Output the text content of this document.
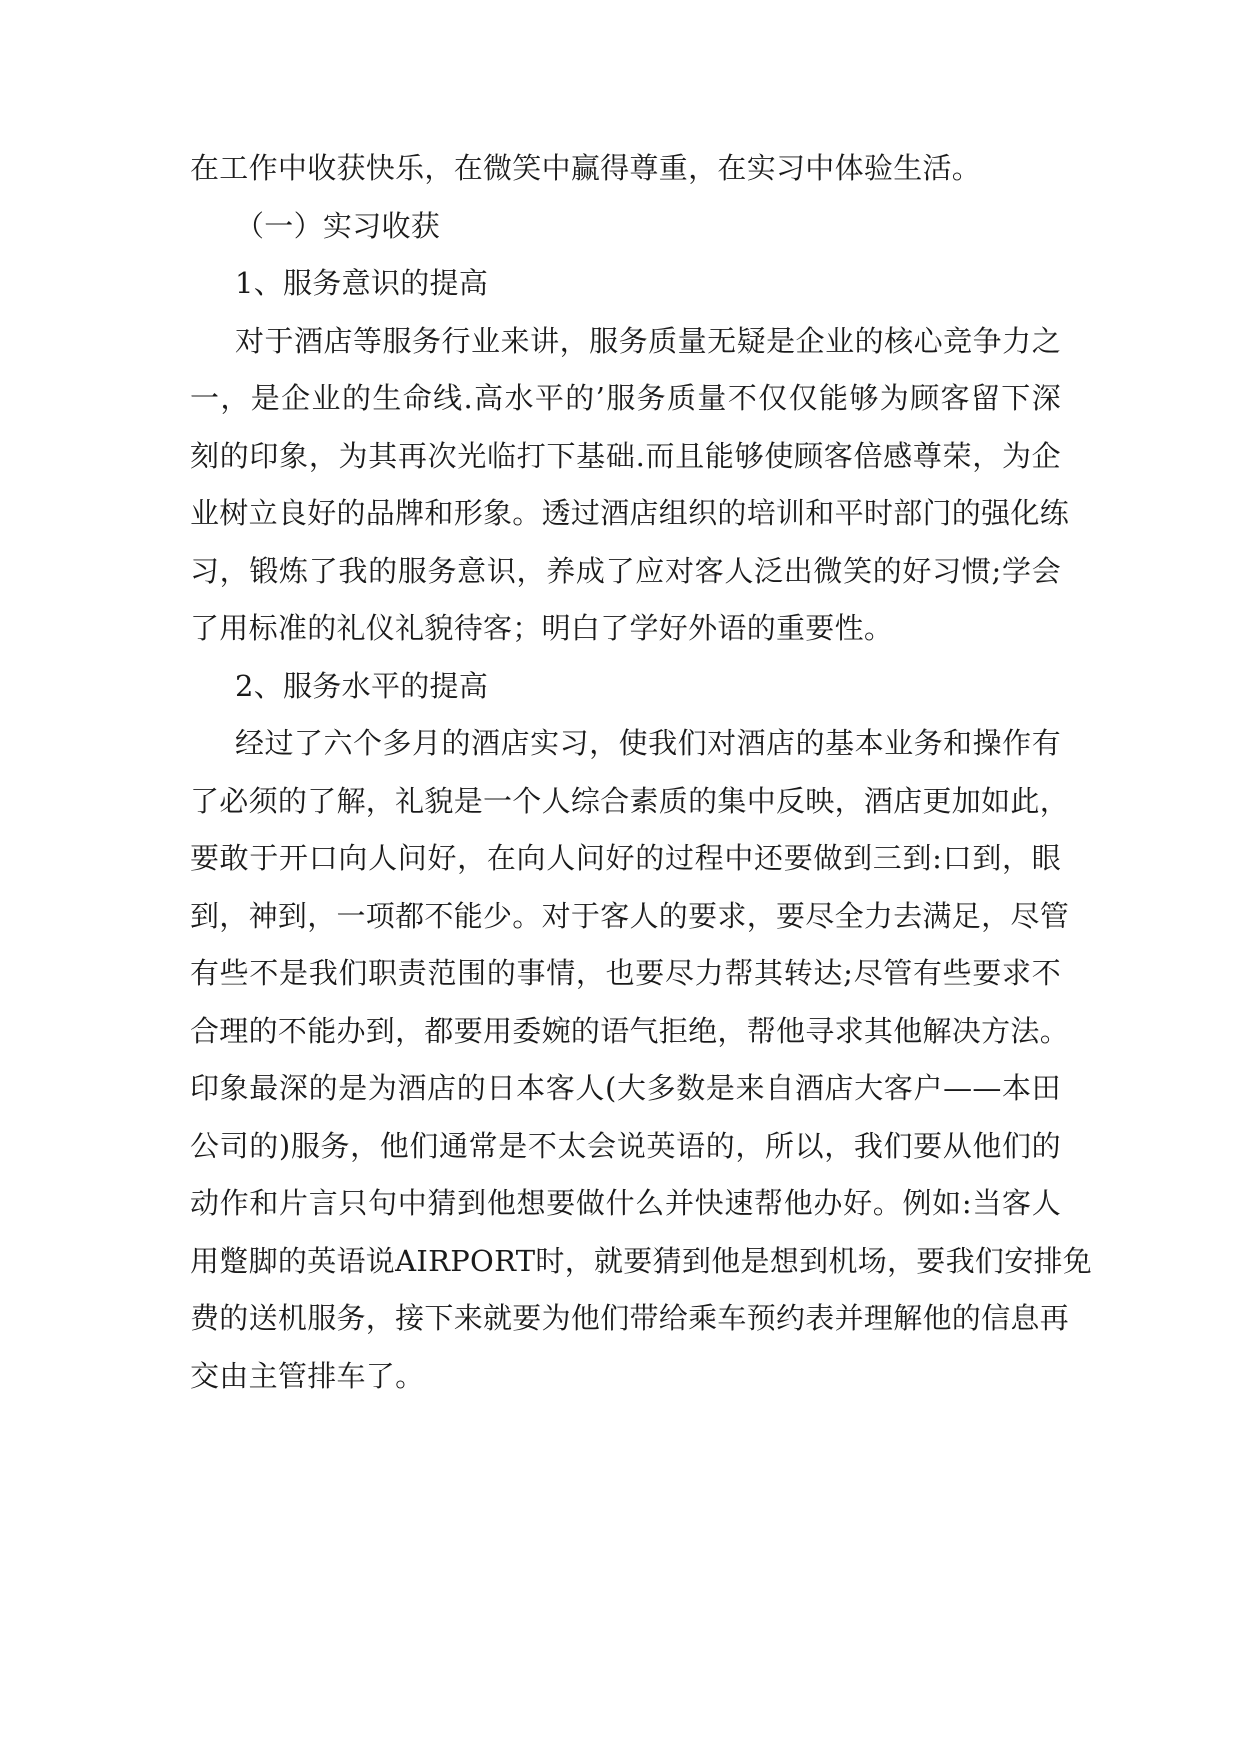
在工作中收获快乐，在微笑中赢得尊重，在实习中体验生活。

（一）实习收获

1、服务意识的提高

对于酒店等服务行业来讲，服务质量无疑是企业的核心竞争力之

一，是企业的生命线.高水平的’服务质量不仅仅能够为顾客留下深

刻的印象，为其再次光临打下基础.而且能够使顾客倍感尊荣，为企

业树立良好的品牌和形象。透过酒店组织的培训和平时部门的强化练

习，锻炼了我的服务意识，养成了应对客人泛出微笑的好习惯;学会

了用标准的礼仪礼貌待客；明白了学好外语的重要性。

2、服务水平的提高

经过了六个多月的酒店实习，使我们对酒店的基本业务和操作有

了必须的了解，礼貌是一个人综合素质的集中反映，酒店更加如此，

要敢于开口向人问好，在向人问好的过程中还要做到三到:口到，眼

到，神到，一项都不能少。对于客人的要求，要尽全力去满足，尽管

有些不是我们职责范围的事情，也要尽力帮其转达;尽管有些要求不

合理的不能办到，都要用委婉的语气拒绝，帮他寻求其他解决方法。

印象最深的是为酒店的日本客人(大多数是来自酒店大客户——本田

公司的)服务，他们通常是不太会说英语的，所以，我们要从他们的

动作和片言只句中猜到他想要做什么并快速帮他办好。例如:当客人

用蹩脚的英语说AIRPORT时，就要猜到他是想到机场，要我们安排免

费的送机服务，接下来就要为他们带给乘车预约表并理解他的信息再

交由主管排车了。
